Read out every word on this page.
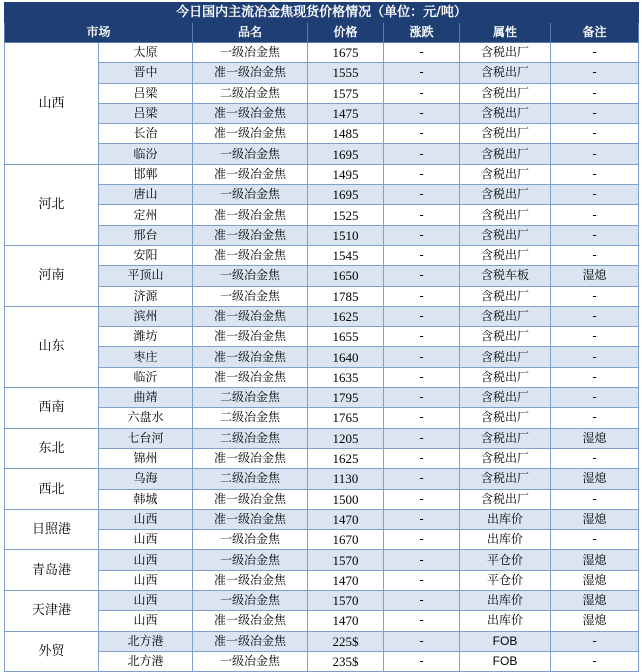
今日国内主流冶金焦现货价格情况（单位：元/吨）						
市场		品名	价格	涨跌	属性	备注
山西	太原	一级冶金焦	1675	-	含税出厂	-
	晋中	准一级冶金焦	1555	-	含税出厂	-
	吕梁	二级冶金焦	1575	-	含税出厂	-
	吕梁	准一级冶金焦	1475	-	含税出厂	-
	长治	准一级冶金焦	1485	-	含税出厂	-
	临汾	一级冶金焦	1695	-	含税出厂	-
河北	邯郸	准一级冶金焦	1495	-	含税出厂	-
	唐山	一级冶金焦	1695	-	含税出厂	-
	定州	准一级冶金焦	1525	-	含税出厂	-
	邢台	准一级冶金焦	1510	-	含税出厂	-
河南	安阳	准一级冶金焦	1545	-	含税出厂	-
	平顶山	一级冶金焦	1650	-	含税车板	湿熄
	济源	一级冶金焦	1785	-	含税出厂	-
山东	滨州	准一级冶金焦	1625	-	含税出厂	-
	潍坊	准一级冶金焦	1655	-	含税出厂	-
	枣庄	准一级冶金焦	1640	-	含税出厂	-
	临沂	准一级冶金焦	1635	-	含税出厂	-
西南	曲靖	二级冶金焦	1795	-	含税出厂	-
	六盘水	二级冶金焦	1765	-	含税出厂	-
东北	七台河	二级冶金焦	1205	-	含税出厂	湿熄
	锦州	准一级冶金焦	1625	-	含税出厂	-
西北	乌海	二级冶金焦	1130	-	含税出厂	湿熄
	韩城	准一级冶金焦	1500	-	含税出厂	-
日照港	山西	准一级冶金焦	1470	-	出库价	湿熄
	山西	一级冶金焦	1670	-	出库价	-
青岛港	山西	一级冶金焦	1570	-	平仓价	湿熄
	山西	准一级冶金焦	1470	-	平仓价	湿熄
天津港	山西	一级冶金焦	1570	-	出库价	湿熄
	山西	准一级冶金焦	1470	-	出库价	湿熄
外贸	北方港	准一级冶金焦	225$	-	FOB	-
	北方港	一级冶金焦	235$	-	FOB	-
